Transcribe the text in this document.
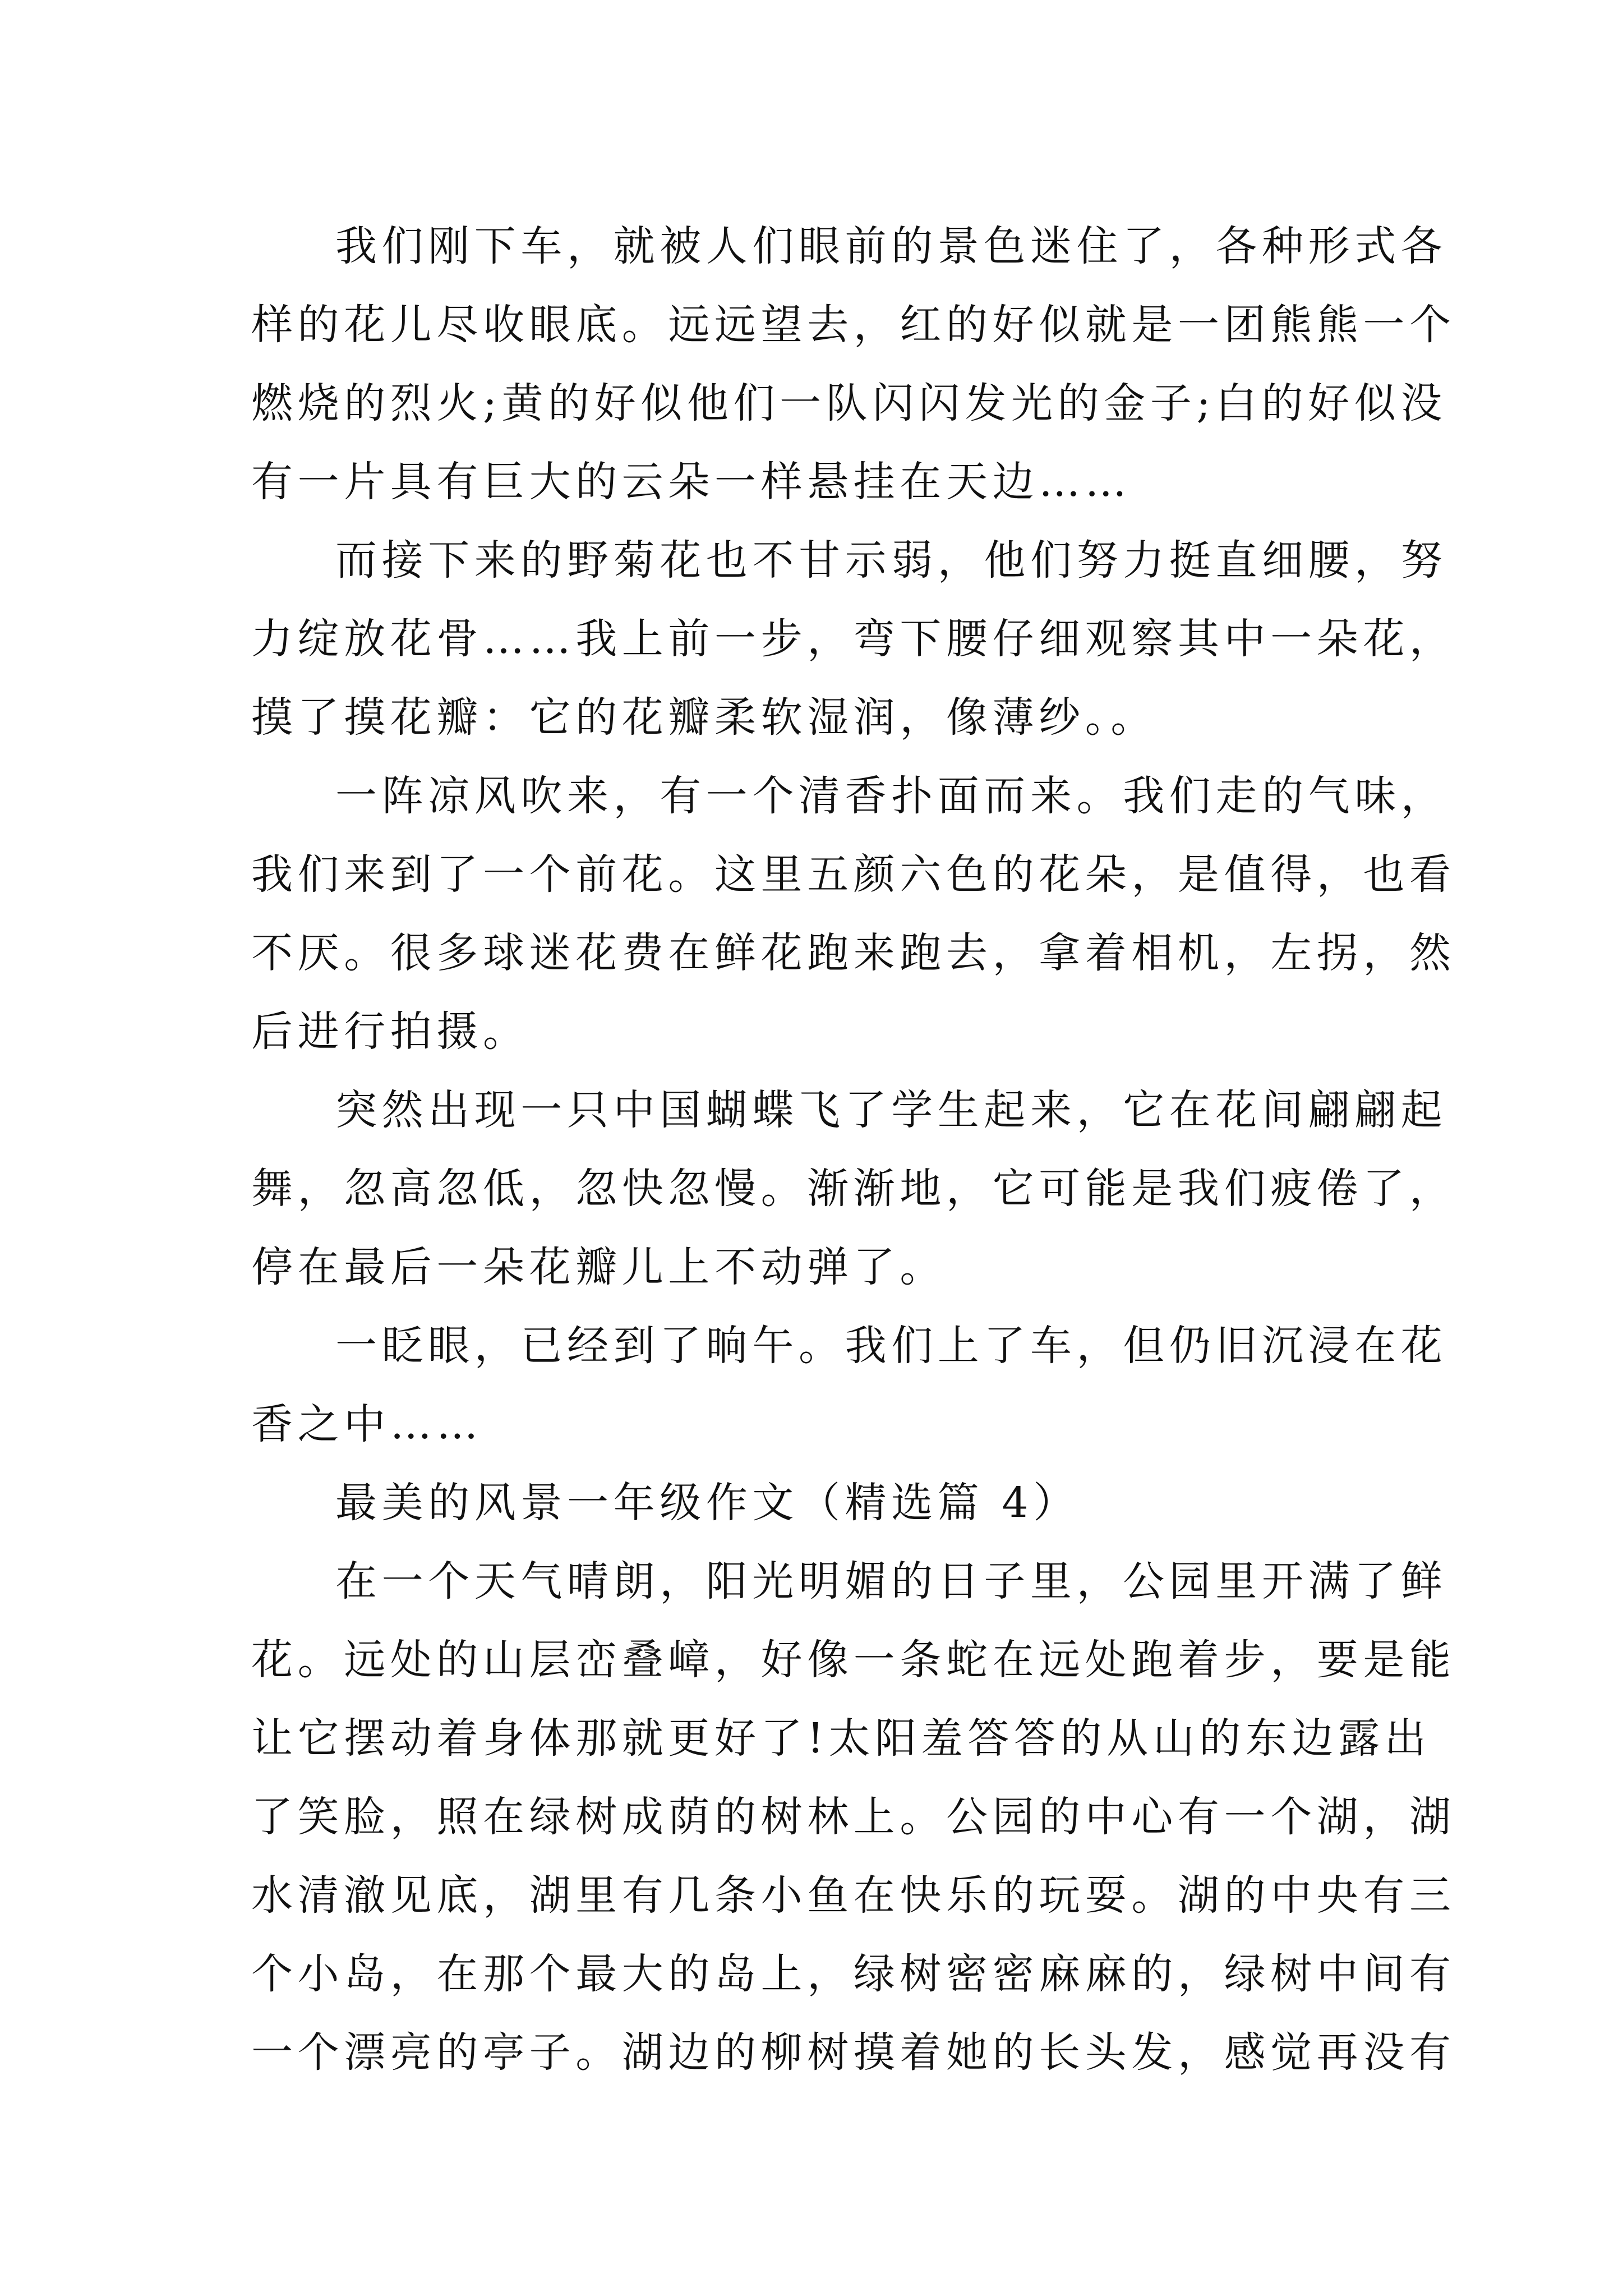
我们刚下车，就被人们眼前的景色迷住了，各种形式各
样的花儿尽收眼底。远远望去，红的好似就是一团熊熊一个
燃烧的烈火;黄的好似他们一队闪闪发光的金子;白的好似没
有一片具有巨大的云朵一样悬挂在天边……
而接下来的野菊花也不甘示弱，他们努力挺直细腰，努
力绽放花骨……我上前一步，弯下腰仔细观察其中一朵花，
摸了摸花瓣：它的花瓣柔软湿润，像薄纱。。
一阵凉风吹来，有一个清香扑面而来。我们走的气味，
我们来到了一个前花。这里五颜六色的花朵，是值得，也看
不厌。很多球迷花费在鲜花跑来跑去，拿着相机，左拐，然
后进行拍摄。
突然出现一只中国蝴蝶飞了学生起来，它在花间翩翩起
舞，忽高忽低，忽快忽慢。渐渐地，它可能是我们疲倦了，
停在最后一朵花瓣儿上不动弹了。
一眨眼，已经到了晌午。我们上了车，但仍旧沉浸在花
香之中……
最美的风景一年级作文（精选篇 4）
在一个天气晴朗，阳光明媚的日子里，公园里开满了鲜
花。远处的山层峦叠嶂，好像一条蛇在远处跑着步，要是能
让它摆动着身体那就更好了!太阳羞答答的从山的东边露出
了笑脸，照在绿树成荫的树林上。公园的中心有一个湖，湖
水清澈见底，湖里有几条小鱼在快乐的玩耍。湖的中央有三
个小岛，在那个最大的岛上，绿树密密麻麻的，绿树中间有
一个漂亮的亭子。湖边的柳树摸着她的长头发，感觉再没有
